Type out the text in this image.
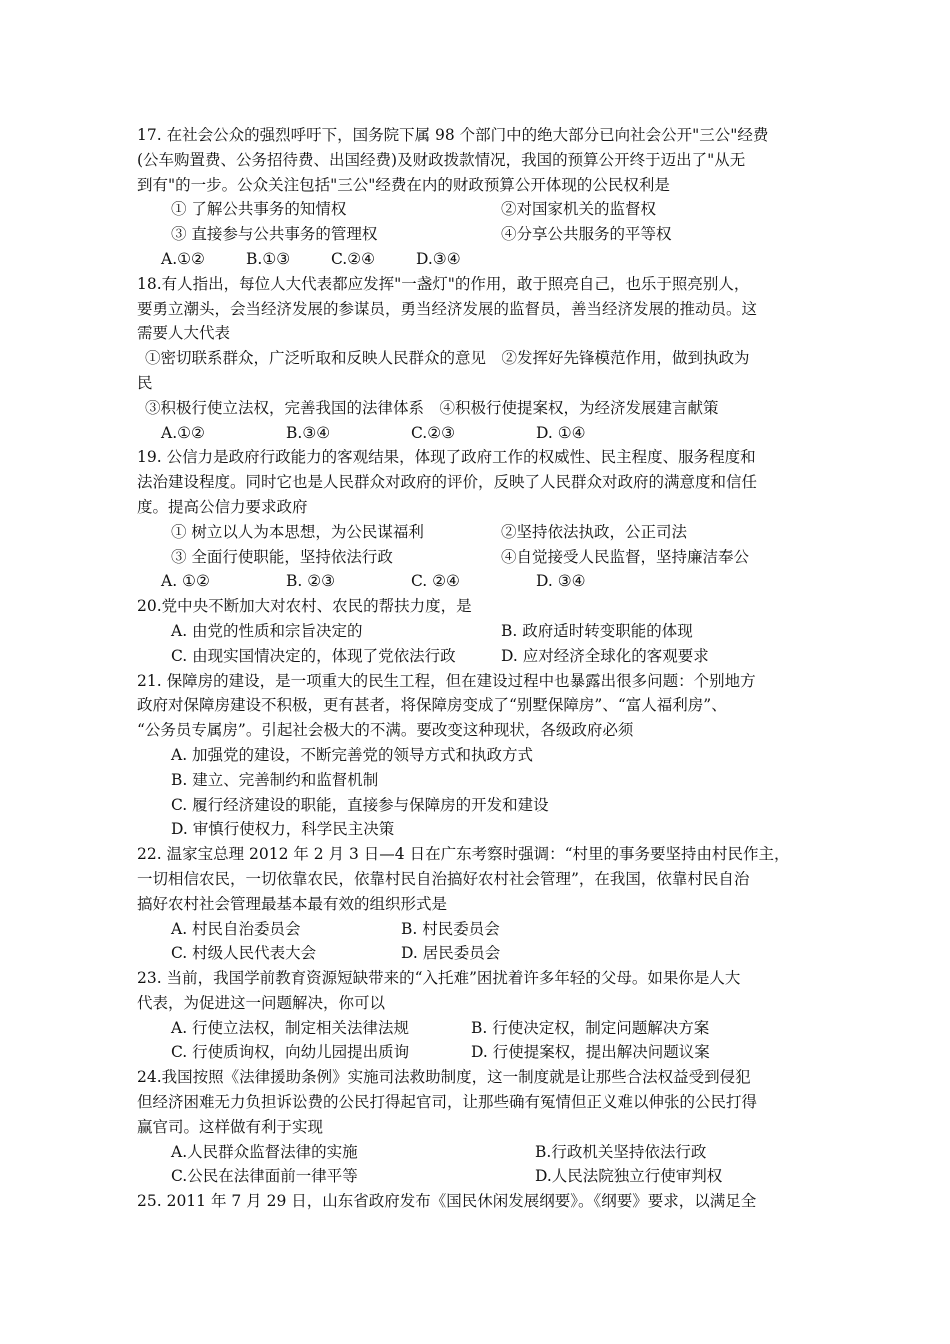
17. 在社会公众的强烈呼吁下，国务院下属 98 个部门中的绝大部分已向社会公开"三公"经费
(公车购置费、公务招待费、出国经费)及财政拨款情况，我国的预算公开终于迈出了"从无
到有"的一步。公众关注包括"三公"经费在内的财政预算公开体现的公民权利是
① 了解公共事务的知情权	②对国家机关的监督权
③ 直接参与公共事务的管理权	④分享公共服务的平等权
A.①②	B.①③	C.②④	D.③④
18.有人指出，每位人大代表都应发挥"一盏灯"的作用，敢于照亮自己，也乐于照亮别人，
要勇立潮头，会当经济发展的参谋员，勇当经济发展的监督员，善当经济发展的推动员。这
需要人大代表
①密切联系群众，广泛听取和反映人民群众的意见　②发挥好先锋模范作用，做到执政为
民
③积极行使立法权，完善我国的法律体系　④积极行使提案权，为经济发展建言献策
A.①②	B.③④	C.②③	D. ①④
19. 公信力是政府行政能力的客观结果，体现了政府工作的权威性、民主程度、服务程度和
法治建设程度。同时它也是人民群众对政府的评价，反映了人民群众对政府的满意度和信任
度。提高公信力要求政府
① 树立以人为本思想，为公民谋福利	②坚持依法执政，公正司法
③ 全面行使职能，坚持依法行政	④自觉接受人民监督，坚持廉洁奉公
A. ①②	B. ②③	C. ②④	D. ③④
20.党中央不断加大对农村、农民的帮扶力度，是
A. 由党的性质和宗旨决定的	B. 政府适时转变职能的体现
C. 由现实国情决定的，体现了党依法行政	D. 应对经济全球化的客观要求
21. 保障房的建设，是一项重大的民生工程，但在建设过程中也暴露出很多问题：个别地方
政府对保障房建设不积极，更有甚者，将保障房变成了“别墅保障房”、“富人福利房”、
“公务员专属房”。引起社会极大的不满。要改变这种现状，各级政府必须
A. 加强党的建设，不断完善党的领导方式和执政方式
B. 建立、完善制约和监督机制
C. 履行经济建设的职能，直接参与保障房的开发和建设
D. 审慎行使权力，科学民主决策
22. 温家宝总理 2012 年 2 月 3 日—4 日在广东考察时强调：“村里的事务要坚持由村民作主，
一切相信农民，一切依靠农民，依靠村民自治搞好农村社会管理”，在我国，依靠村民自治
搞好农村社会管理最基本最有效的组织形式是
A. 村民自治委员会	B. 村民委员会
C. 村级人民代表大会	D. 居民委员会
23. 当前，我国学前教育资源短缺带来的“入托难”困扰着许多年轻的父母。如果你是人大
代表，为促进这一问题解决，你可以
A. 行使立法权，制定相关法律法规	B. 行使决定权，制定问题解决方案
C. 行使质询权，向幼儿园提出质询	D. 行使提案权，提出解决问题议案
24.我国按照《法律援助条例》实施司法救助制度，这一制度就是让那些合法权益受到侵犯
但经济困难无力负担诉讼费的公民打得起官司，让那些确有冤情但正义难以伸张的公民打得
赢官司。这样做有利于实现
A.人民群众监督法律的实施	B.行政机关坚持依法行政
C.公民在法律面前一律平等	D.人民法院独立行使审判权
25. 2011 年 7 月 29 日，山东省政府发布《国民休闲发展纲要》。《纲要》要求，以满足全
